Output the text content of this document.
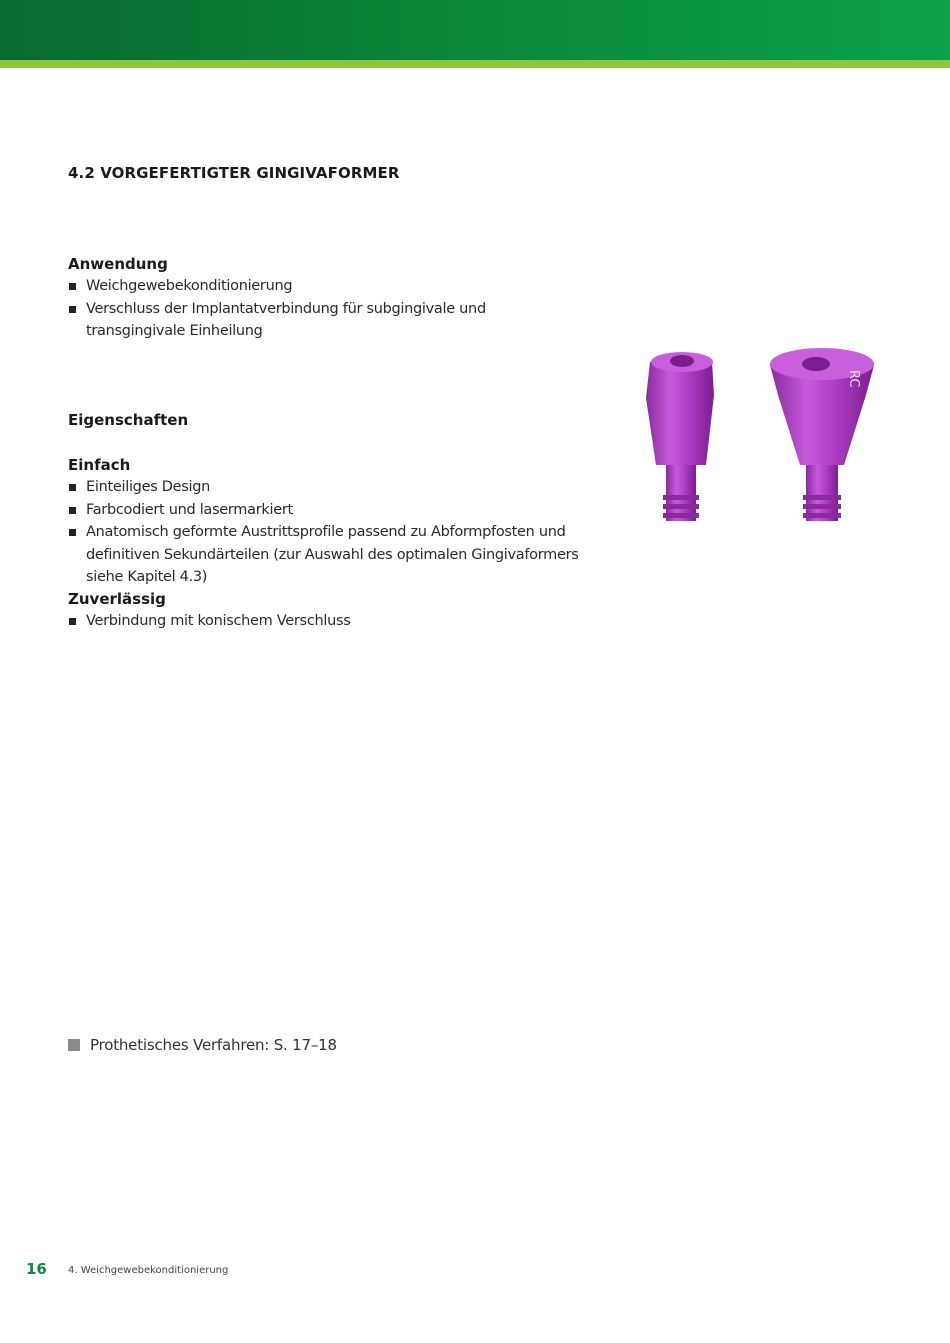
4.2 VORGEFERTIGTER GINGIVAFORMER

Anwendung

Weichgewebekonditionierung
Verschluss der Implantatverbindung für subgingivale und transgingivale Einheilung

Eigenschaften

Einfach

Einteiliges Design
Farbcodiert und lasermarkiert
Anatomisch geformte Austrittsprofile passend zu Abformpfosten und definitiven Sekundärteilen (zur Auswahl des optimalen Gingivaformers siehe Kapitel 4.3)

Zuverlässig

Verbindung mit konischem Verschluss
RC
Prothetisches Verfahren: S. 17–18
16 4. Weichgewebekonditionierung
